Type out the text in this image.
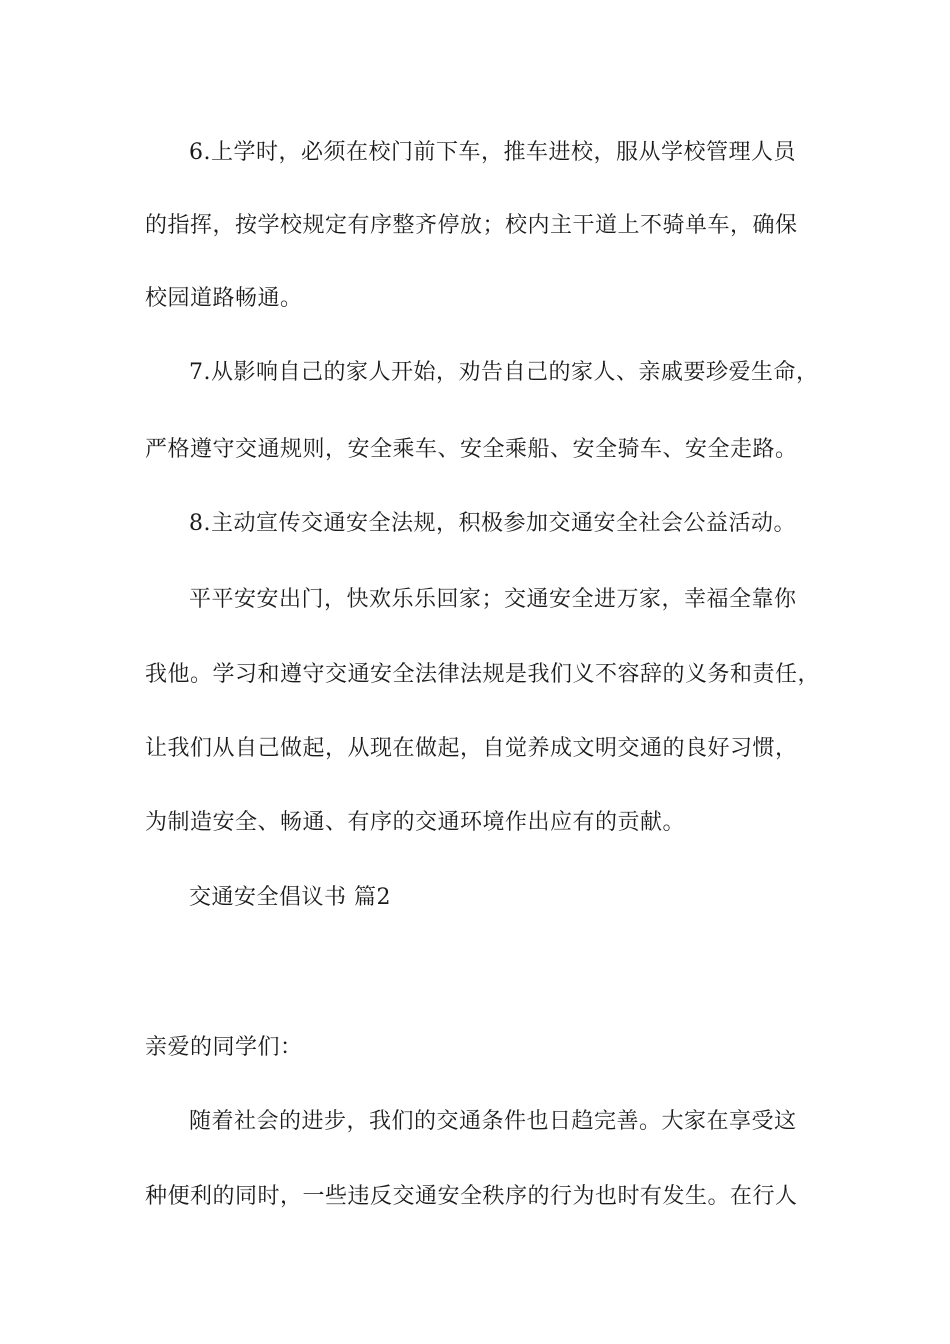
6.上学时，必须在校门前下车，推车进校，服从学校管理人员
的指挥，按学校规定有序整齐停放；校内主干道上不骑单车，确保
校园道路畅通。
7.从影响自己的家人开始，劝告自己的家人、亲戚要珍爱生命，
严格遵守交通规则，安全乘车、安全乘船、安全骑车、安全走路。
8.主动宣传交通安全法规，积极参加交通安全社会公益活动。
平平安安出门，快欢乐乐回家；交通安全进万家，幸福全靠你
我他。学习和遵守交通安全法律法规是我们义不容辞的义务和责任，
让我们从自己做起，从现在做起，自觉养成文明交通的良好习惯，
为制造安全、畅通、有序的交通环境作出应有的贡献。
交通安全倡议书 篇2
亲爱的同学们：
随着社会的进步，我们的交通条件也日趋完善。大家在享受这
种便利的同时，一些违反交通安全秩序的行为也时有发生。在行人
